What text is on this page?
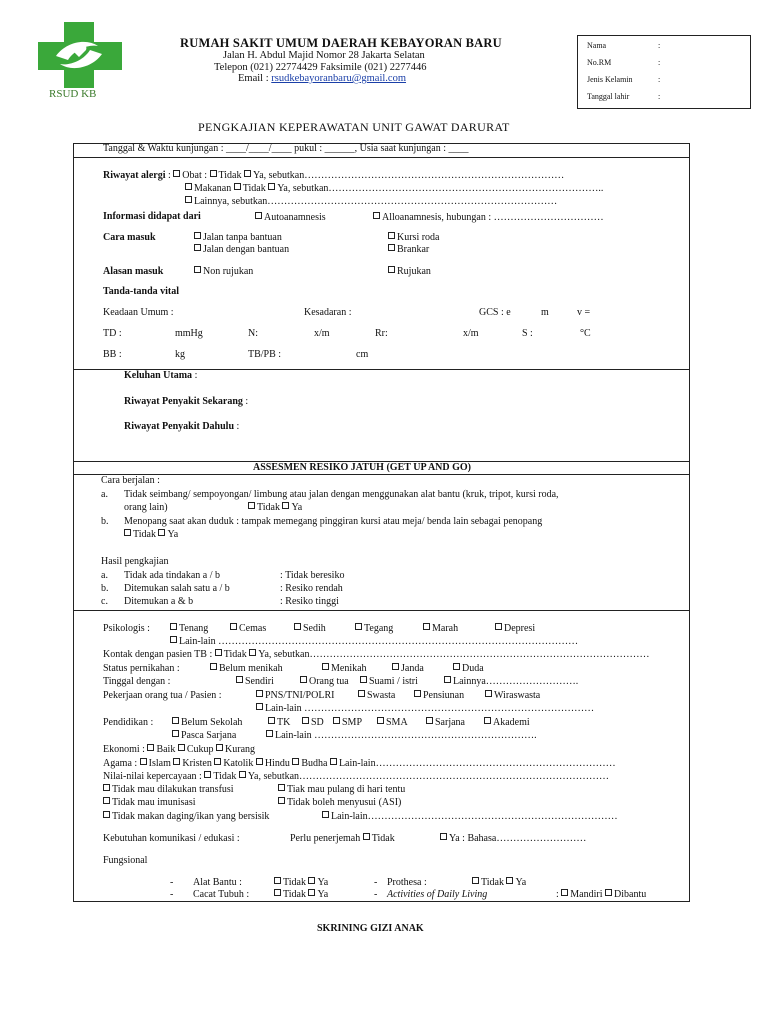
RSUD KB
RUMAH SAKIT UMUM DAERAH KEBAYORAN BARU
Jalan H. Abdul Majid Nomor 28 Jakarta Selatan
Telepon (021) 22774429 Faksimile (021) 2277446
Email : rsudkebayoranbaru@gmail.com
Nama	:
No.RM	:
Jenis Kelamin	:
Tanggal lahir	:
PENGKAJIAN KEPERAWATAN UNIT GAWAT DARURAT
Tanggal & Waktu kunjungan : ____/____/____ pukul : ______, Usia saat kunjungan : ____
Riwayat alergi : Obat : Tidak Ya, sebutkan……………………………………………………………………
Makanan Tidak Ya, sebutkan………………………………………………………………………..
Lainnya, sebutkan……………………………………………………………………………
Informasi didapat dari	Autoanamnesis	Alloanamnesis, hubungan : ……………………………
Cara masuk	Jalan tanpa bantuan
Jalan dengan bantuan
Kursi roda
Brankar
Alasan masuk	Non rujukan	Rujukan
Tanda-tanda vital
Keadaan Umum :	Kesadaran :	GCS : e	m	v =
TD :	mmHg	N:	x/m	Rr:	x/m	S :	°C
BB :	kg	TB/PB :	cm
Keluhan Utama :
Riwayat Penyakit Sekarang :
Riwayat Penyakit Dahulu :
ASSESMEN RESIKO JATUH (GET UP AND GO)
Cara berjalan :
a. Tidak seimbang/ sempoyongan/ limbung atau jalan dengan menggunakan alat bantu (kruk, tripot, kursi roda,
orang lain)	Tidak Ya
b. Menopang saat akan duduk : tampak memegang pinggiran kursi atau meja/ benda lain sebagai penopang
Tidak Ya
Hasil pengkajian
a. Tidak ada tindakan a / b	: Tidak beresiko
b. Ditemukan salah satu a / b	: Resiko rendah
c. Ditemukan a & b	: Resiko tinggi
Psikologis :	Tenang	Cemas	Sedih	Tegang	Marah	Depresi
Lain-lain ………………………………………………………………………………………………
Kontak dengan pasien TB : Tidak Ya, sebutkan…………………………………………………………………………………………
Status pernikahan :	Belum menikah	Menikah	Janda	Duda
Tinggal dengan :	Sendiri	Orang tua	Suami / istri	Lainnya……………………….
Pekerjaan orang tua / Pasien :	PNS/TNI/POLRI	Swasta	Pensiunan	Wiraswasta
Lain-lain ……………………………………………………………………………
Pendidikan :	Belum Sekolah	TK	SD	SMP	SMA	Sarjana	Akademi
Pasca Sarjana	Lain-lain ………………………………………………………….
Ekonomi : Baik Cukup Kurang
Agama : Islam Kristen Katolik Hindu Budha Lain-lain………………………………………………………………
Nilai-nilai kepercayaan : Tidak Ya, sebutkan…………………………………………………………………………………
Tidak mau dilakukan transfusi	Tiak mau pulang di hari tentu
Tidak mau imunisasi	Tidak boleh menyusui (ASI)
Tidak makan daging/ikan yang bersisik	Lain-lain…………………………………………………………………
Kebutuhan komunikasi / edukasi :	Perlu penerjemah Tidak	Ya : Bahasa………………………
Fungsional
- Alat Bantu :	Tidak Ya	- Prothesa :	Tidak Ya
- Cacat Tubuh :	Tidak Ya	- Activities of Daily Living	: Mandiri Dibantu
SKRINING GIZI ANAK
